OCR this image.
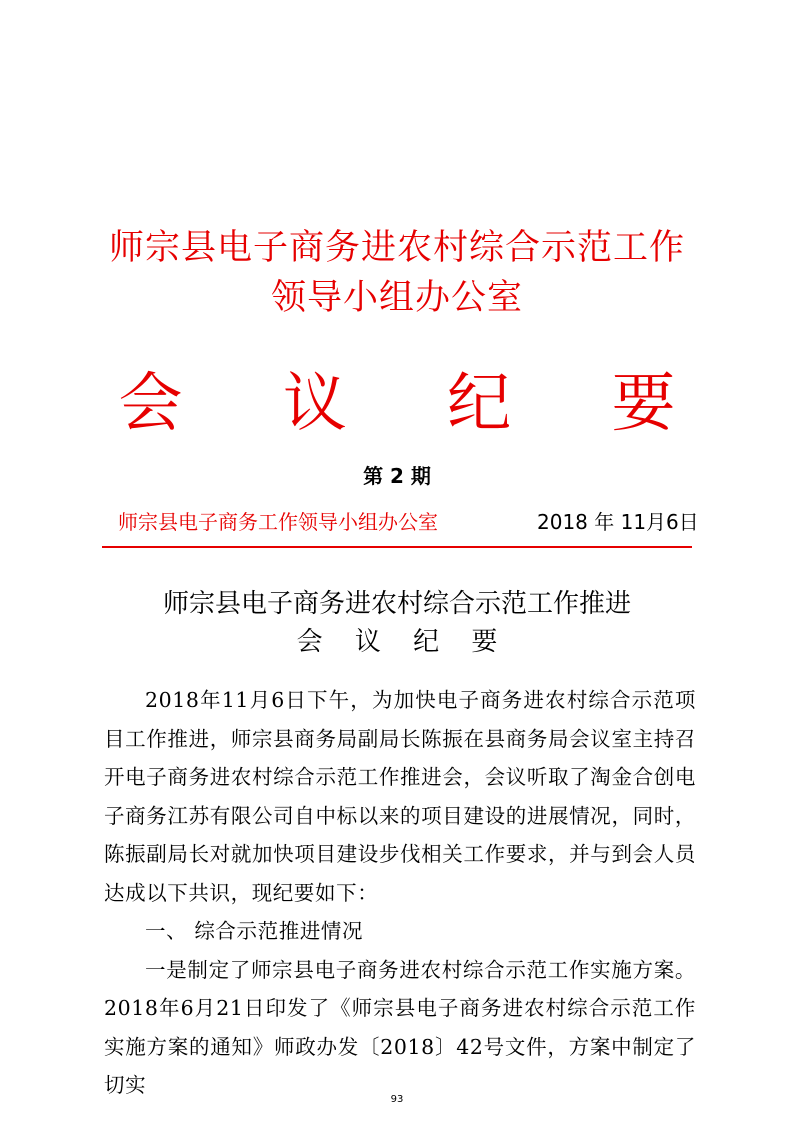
师宗县电子商务进农村综合示范工作
领导小组办公室
会 议 纪 要
第 2 期
师宗县电子商务工作领导小组办公室	2018 年 11月6日
师宗县电子商务进农村综合示范工作推进
会 议 纪 要

2018年11月6日下午，为加快电子商务进农村综合示范项目工作推进，师宗县商务局副局长陈振在县商务局会议室主持召开电子商务进农村综合示范工作推进会，会议听取了淘金合创电子商务江苏有限公司自中标以来的项目建设的进展情况，同时，陈振副局长对就加快项目建设步伐相关工作要求，并与到会人员达成以下共识，现纪要如下：

一、 综合示范推进情况

一是制定了师宗县电子商务进农村综合示范工作实施方案。2018年6月21日印发了《师宗县电子商务进农村综合示范工作实施方案的通知》师政办发〔2018〕42号文件，方案中制定了切实

93
